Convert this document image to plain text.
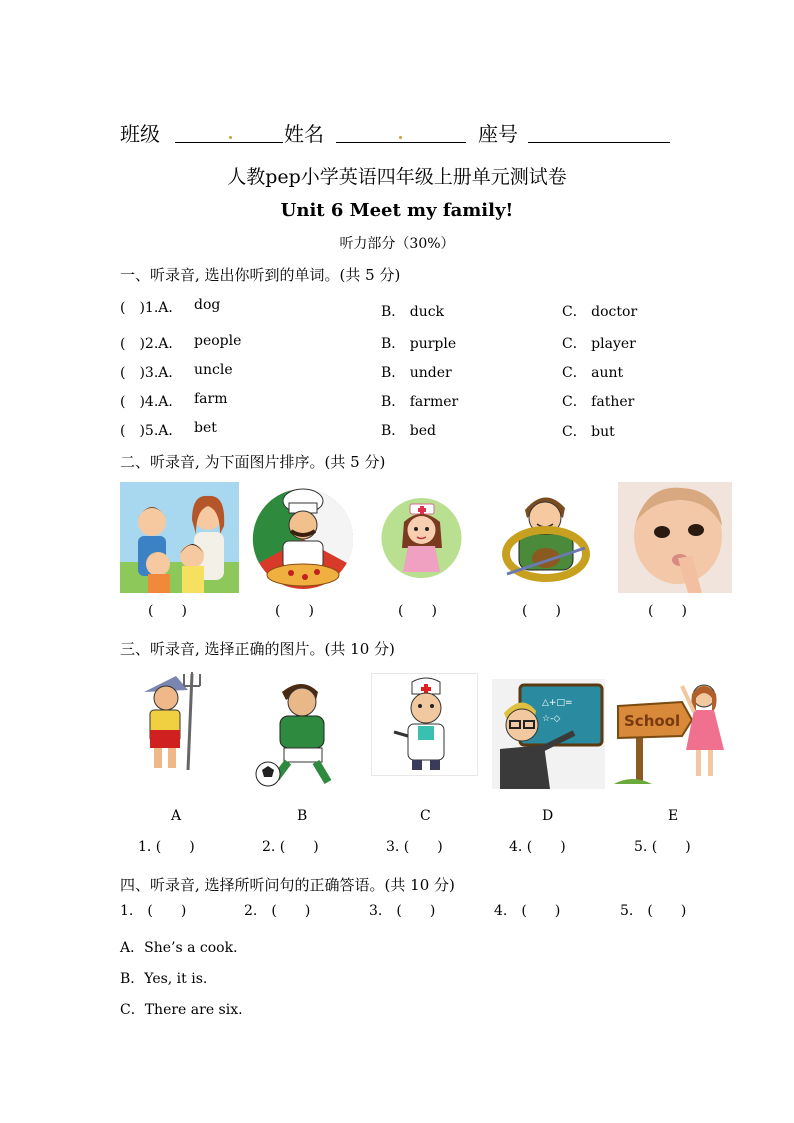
班级	姓名	座号
人教pep小学英语四年级上册单元测试卷
Unit 6 Meet my family!
听力部分（30%）
一、听录音, 选出你听到的单词。(共 5 分)
(　)1.A． dog	B． duck	C． doctor
(　)2.A． people	B． purple	C． player
(　)3.A． uncle	B． under	C． aunt
(　)4.A． farm	B． farmer	C． father
(　)5.A． bet	B． bed	C． but
二、听录音, 为下面图片排序。(共 5 分)
(　　)	(　　)	(　　)	(　　)	(　　)
三、听录音, 选择正确的图片。(共 10 分)
△+□=
☆-◇	School
A	B	C	D	E
1. (　　)	2. (　　)	3. (　　)	4. (　　)	5. (　　)
四、听录音, 选择所听问句的正确答语。(共 10 分)
1.　(　　)	2.　(　　)	3.　(　　)	4.　(　　)	5.　(　　)
A．She’s a cook.
B．Yes, it is.
C．There are six.
